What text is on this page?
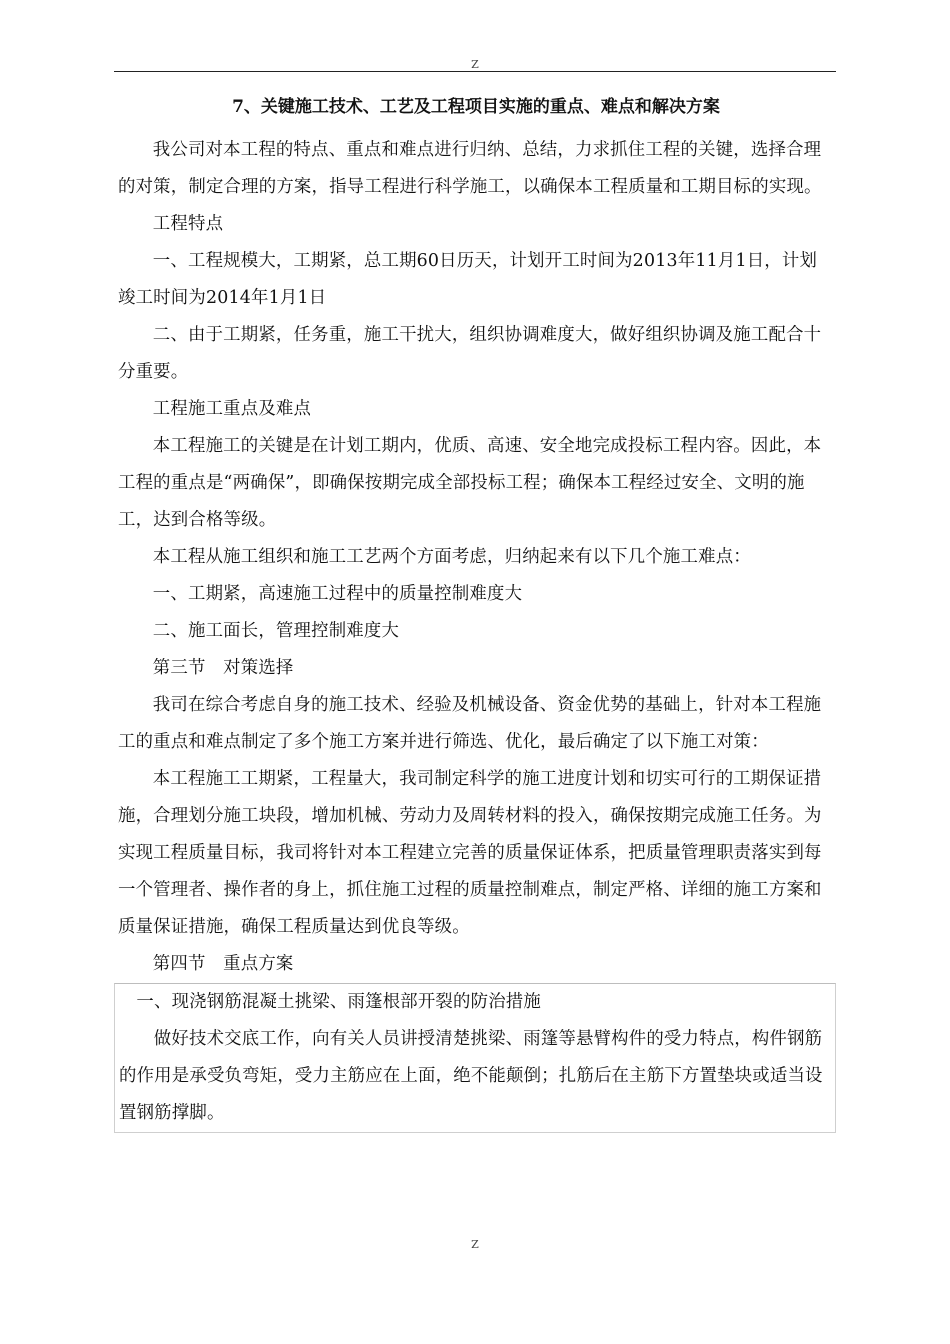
Z
7、关键施工技术、工艺及工程项目实施的重点、难点和解决方案

我公司对本工程的特点、重点和难点进行归纳、总结，力求抓住工程的关键，选择合理的对策，制定合理的方案，指导工程进行科学施工，以确保本工程质量和工期目标的实现。

工程特点

一、工程规模大，工期紧，总工期60日历天，计划开工时间为2013年11月1日，计划竣工时间为2014年1月1日

二、由于工期紧，任务重，施工干扰大，组织协调难度大，做好组织协调及施工配合十分重要。

工程施工重点及难点

本工程施工的关键是在计划工期内，优质、高速、安全地完成投标工程内容。因此，本工程的重点是“两确保”，即确保按期完成全部投标工程；确保本工程经过安全、文明的施工，达到合格等级。

本工程从施工组织和施工工艺两个方面考虑，归纳起来有以下几个施工难点：

一、工期紧，高速施工过程中的质量控制难度大

二、施工面长，管理控制难度大

第三节　对策选择

我司在综合考虑自身的施工技术、经验及机械设备、资金优势的基础上，针对本工程施工的重点和难点制定了多个施工方案并进行筛选、优化，最后确定了以下施工对策：

本工程施工工期紧，工程量大，我司制定科学的施工进度计划和切实可行的工期保证措施，合理划分施工块段，增加机械、劳动力及周转材料的投入，确保按期完成施工任务。为实现工程质量目标，我司将针对本工程建立完善的质量保证体系，把质量管理职责落实到每一个管理者、操作者的身上，抓住施工过程的质量控制难点，制定严格、详细的施工方案和质量保证措施，确保工程质量达到优良等级。

第四节　重点方案

一、现浇钢筋混凝土挑梁、雨篷根部开裂的防治措施

做好技术交底工作，向有关人员讲授清楚挑梁、雨篷等悬臂构件的受力特点，构件钢筋的作用是承受负弯矩，受力主筋应在上面，绝不能颠倒；扎筋后在主筋下方置垫块或适当设置钢筋撑脚。

Z
